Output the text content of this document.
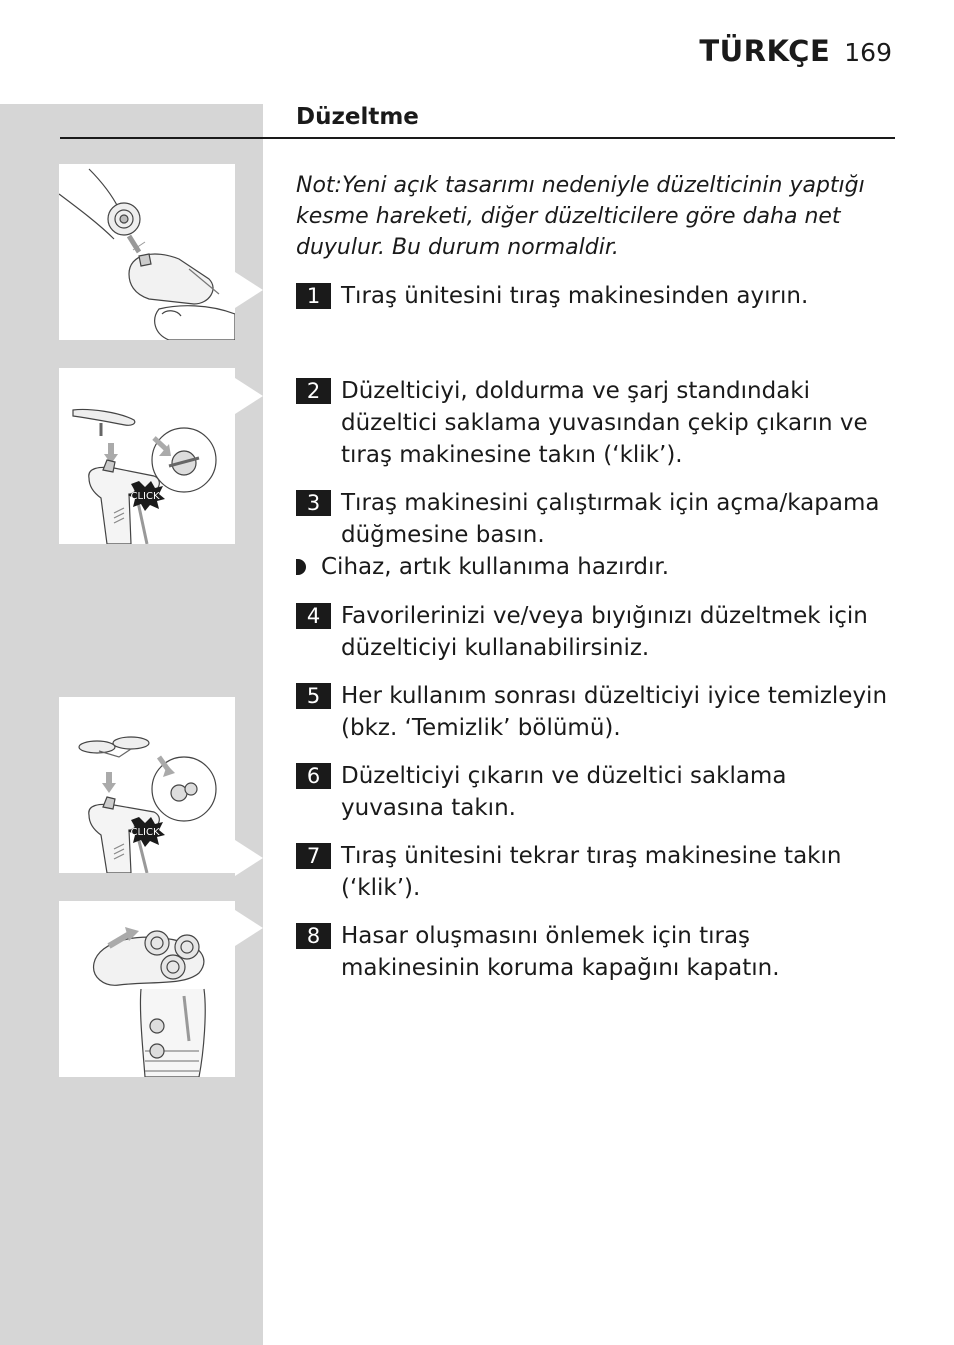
TÜRKÇE 169
Düzeltme
Not:Yeni açık tasarımı nedeniyle düzelticinin yaptığı kesme hareketi, diğer düzelticilere göre daha net duyulur. Bu durum normaldir.
1 Tıraş ünitesini tıraş makinesinden ayırın.
2 Düzelticiyi, doldurma ve şarj standındaki düzeltici saklama yuvasından çekip çıkarın ve tıraş makinesine takın (‘klik’).
3 Tıraş makinesini çalıştırmak için açma/kapama düğmesine basın.
Cihaz, artık kullanıma hazırdır.
4 Favorilerinizi ve/veya bıyığınızı düzeltmek için düzelticiyi kullanabilirsiniz.
5 Her kullanım sonrası düzelticiyi iyice temizleyin (bkz. ‘Temizlik’ bölümü).
6 Düzelticiyi çıkarın ve düzeltici saklama yuvasına takın.
7 Tıraş ünitesini tekrar tıraş makinesine takın (‘klik’).
8 Hasar oluşmasını önlemek için tıraş makinesinin koruma kapağını kapatın.
CLICK
CLICK
